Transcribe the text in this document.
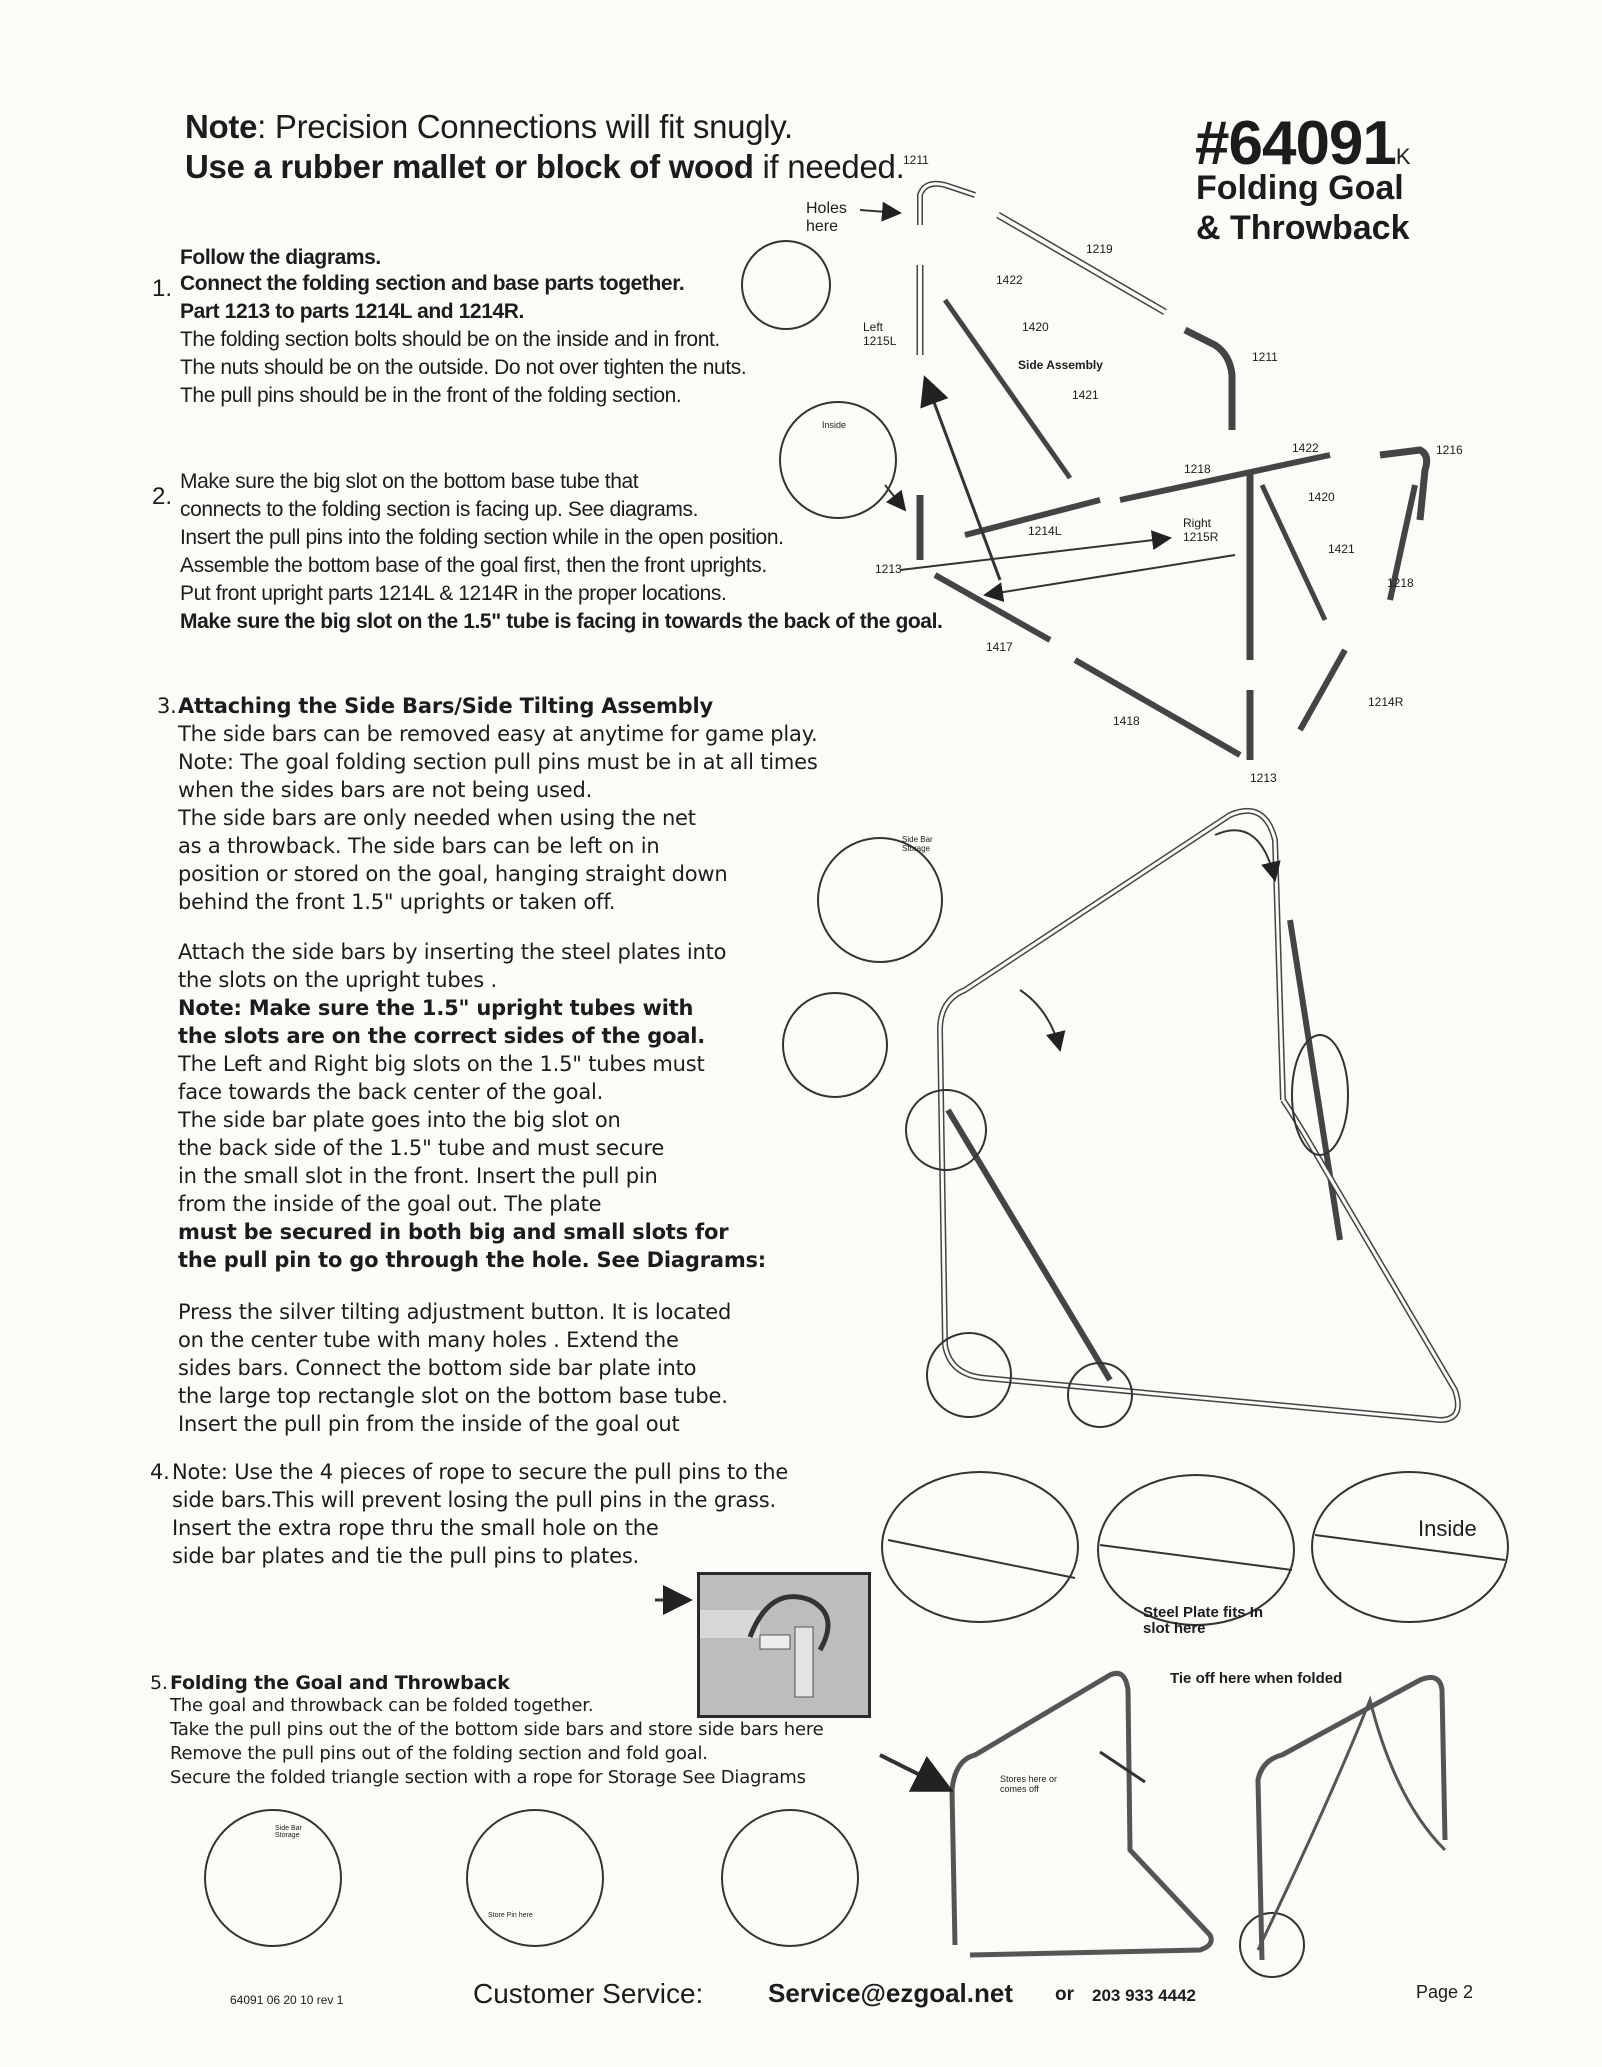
Note: Precision Connections will fit snugly.
Use a rubber mallet or block of wood if needed.	#64091K
Folding Goal
& Throwback
Follow the diagrams.
1. Connect the folding section and base parts together.
Part 1213 to parts 1214L and 1214R.
The folding section bolts should be on the inside and in front.
The nuts should be on the outside. Do not over tighten the nuts.
The pull pins should be in the front of the folding section.
2.
Make sure the big slot on the bottom base tube that
connects to the folding section is facing up. See diagrams.
Insert the pull pins into the folding section while in the open position.
Assemble the bottom base of the goal first, then the front uprights.
Put front upright parts 1214L & 1214R in the proper locations.
Make sure the big slot on the 1.5" tube is facing in towards the back of the goal.
3. Attaching the Side Bars/Side Tilting Assembly
The side bars can be removed easy at anytime for game play.
Note: The goal folding section pull pins must be in at all times
when the sides bars are not being used.
The side bars are only needed when using the net
as a throwback. The side bars can be left on in
position or stored on the goal, hanging straight down
behind the front 1.5" uprights or taken off.
Attach the side bars by inserting the steel plates into
the slots on the upright tubes .
Note: Make sure the 1.5" upright tubes with
the slots are on the correct sides of the goal.
The Left and Right big slots on the 1.5" tubes must
face towards the back center of the goal.
The side bar plate goes into the big slot on
the back side of the 1.5" tube and must secure
in the small slot in the front. Insert the pull pin
from the inside of the goal out. The plate
must be secured in both big and small slots for
the pull pin to go through the hole. See Diagrams:
Press the silver tilting adjustment button. It is located
on the center tube with many holes . Extend the
sides bars. Connect the bottom side bar plate into
the large top rectangle slot on the bottom base tube.
Insert the pull pin from the inside of the goal out
4. Note: Use the 4 pieces of rope to secure the pull pins to the
side bars.This will prevent losing the pull pins in the grass.
Insert the extra rope thru the small hole on the
side bar plates and tie the pull pins to plates.
5. Folding the Goal and Throwback
The goal and throwback can be folded together.
Take the pull pins out the of the bottom side bars and store side bars here
Remove the pull pins out of the folding section and fold goal.
Secure the folded triangle section with a rope for Storage See Diagrams
Holes here
1211
1219
1422
1420
Side Assembly
1421
Left 1215L
1211
1214L
1213
1417
1418
1218
1422	1216
1420
Right 1215R
1421
1218
1214R
1213
Inside
Side Bar Storage
Inside
Steel Plate fits In slot here
Tie off here when folded
Stores here or comes off
Store Pin here
Side Bar Storage
64091 06 20 10 rev 1	Customer Service: Service@ezgoal.net or 203 933 4442	Page 2
